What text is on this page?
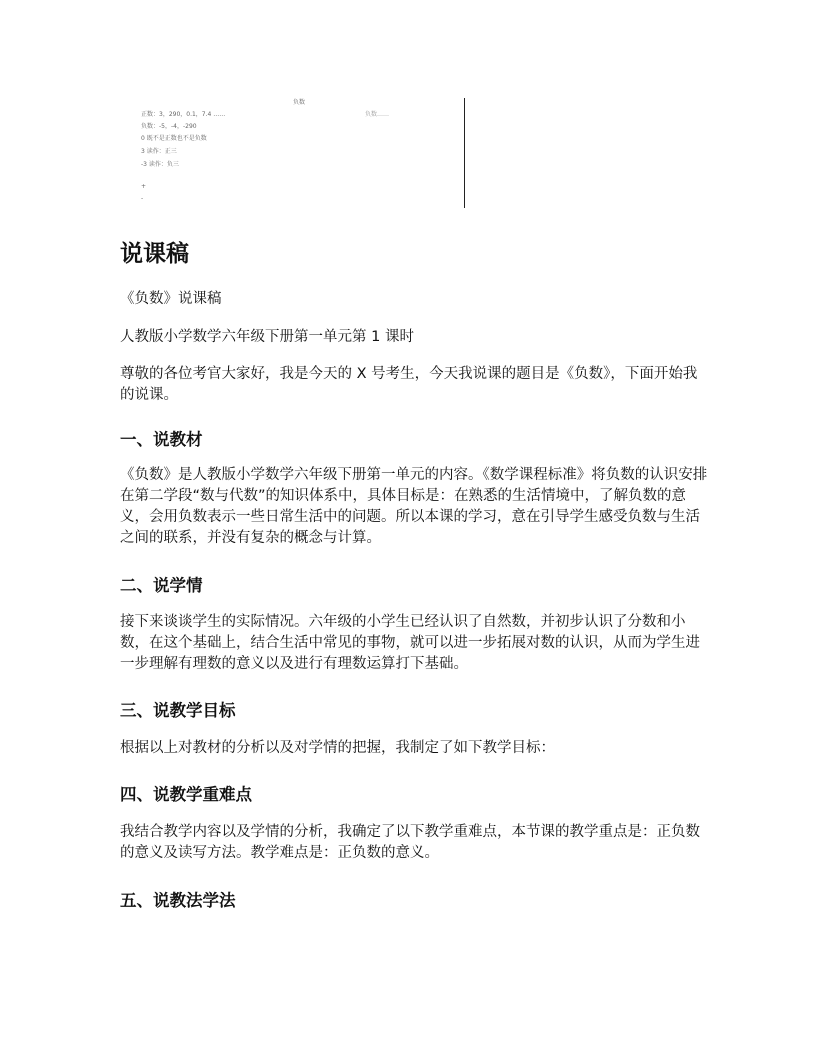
负数
正数：3，290，0.1，7.4 ……	负数……
负数：-5，-4，-290
0 既不是正数也不是负数
3 读作：正三
-3 读作：负三
+
-
说课稿
《负数》说课稿
人教版小学数学六年级下册第一单元第 1 课时
尊敬的各位考官大家好，我是今天的 X 号考生，今天我说课的题目是《负数》，下面开始我的说课。
一、说教材
《负数》是人教版小学数学六年级下册第一单元的内容。《数学课程标准》将负数的认识安排在第二学段“数与代数”的知识体系中，具体目标是：在熟悉的生活情境中，了解负数的意义，会用负数表示一些日常生活中的问题。所以本课的学习，意在引导学生感受负数与生活之间的联系，并没有复杂的概念与计算。
二、说学情
接下来谈谈学生的实际情况。六年级的小学生已经认识了自然数，并初步认识了分数和小数，在这个基础上，结合生活中常见的事物，就可以进一步拓展对数的认识，从而为学生进一步理解有理数的意义以及进行有理数运算打下基础。
三、说教学目标
根据以上对教材的分析以及对学情的把握，我制定了如下教学目标：
四、说教学重难点
我结合教学内容以及学情的分析，我确定了以下教学重难点，本节课的教学重点是：正负数的意义及读写方法。教学难点是：正负数的意义。
五、说教法学法
